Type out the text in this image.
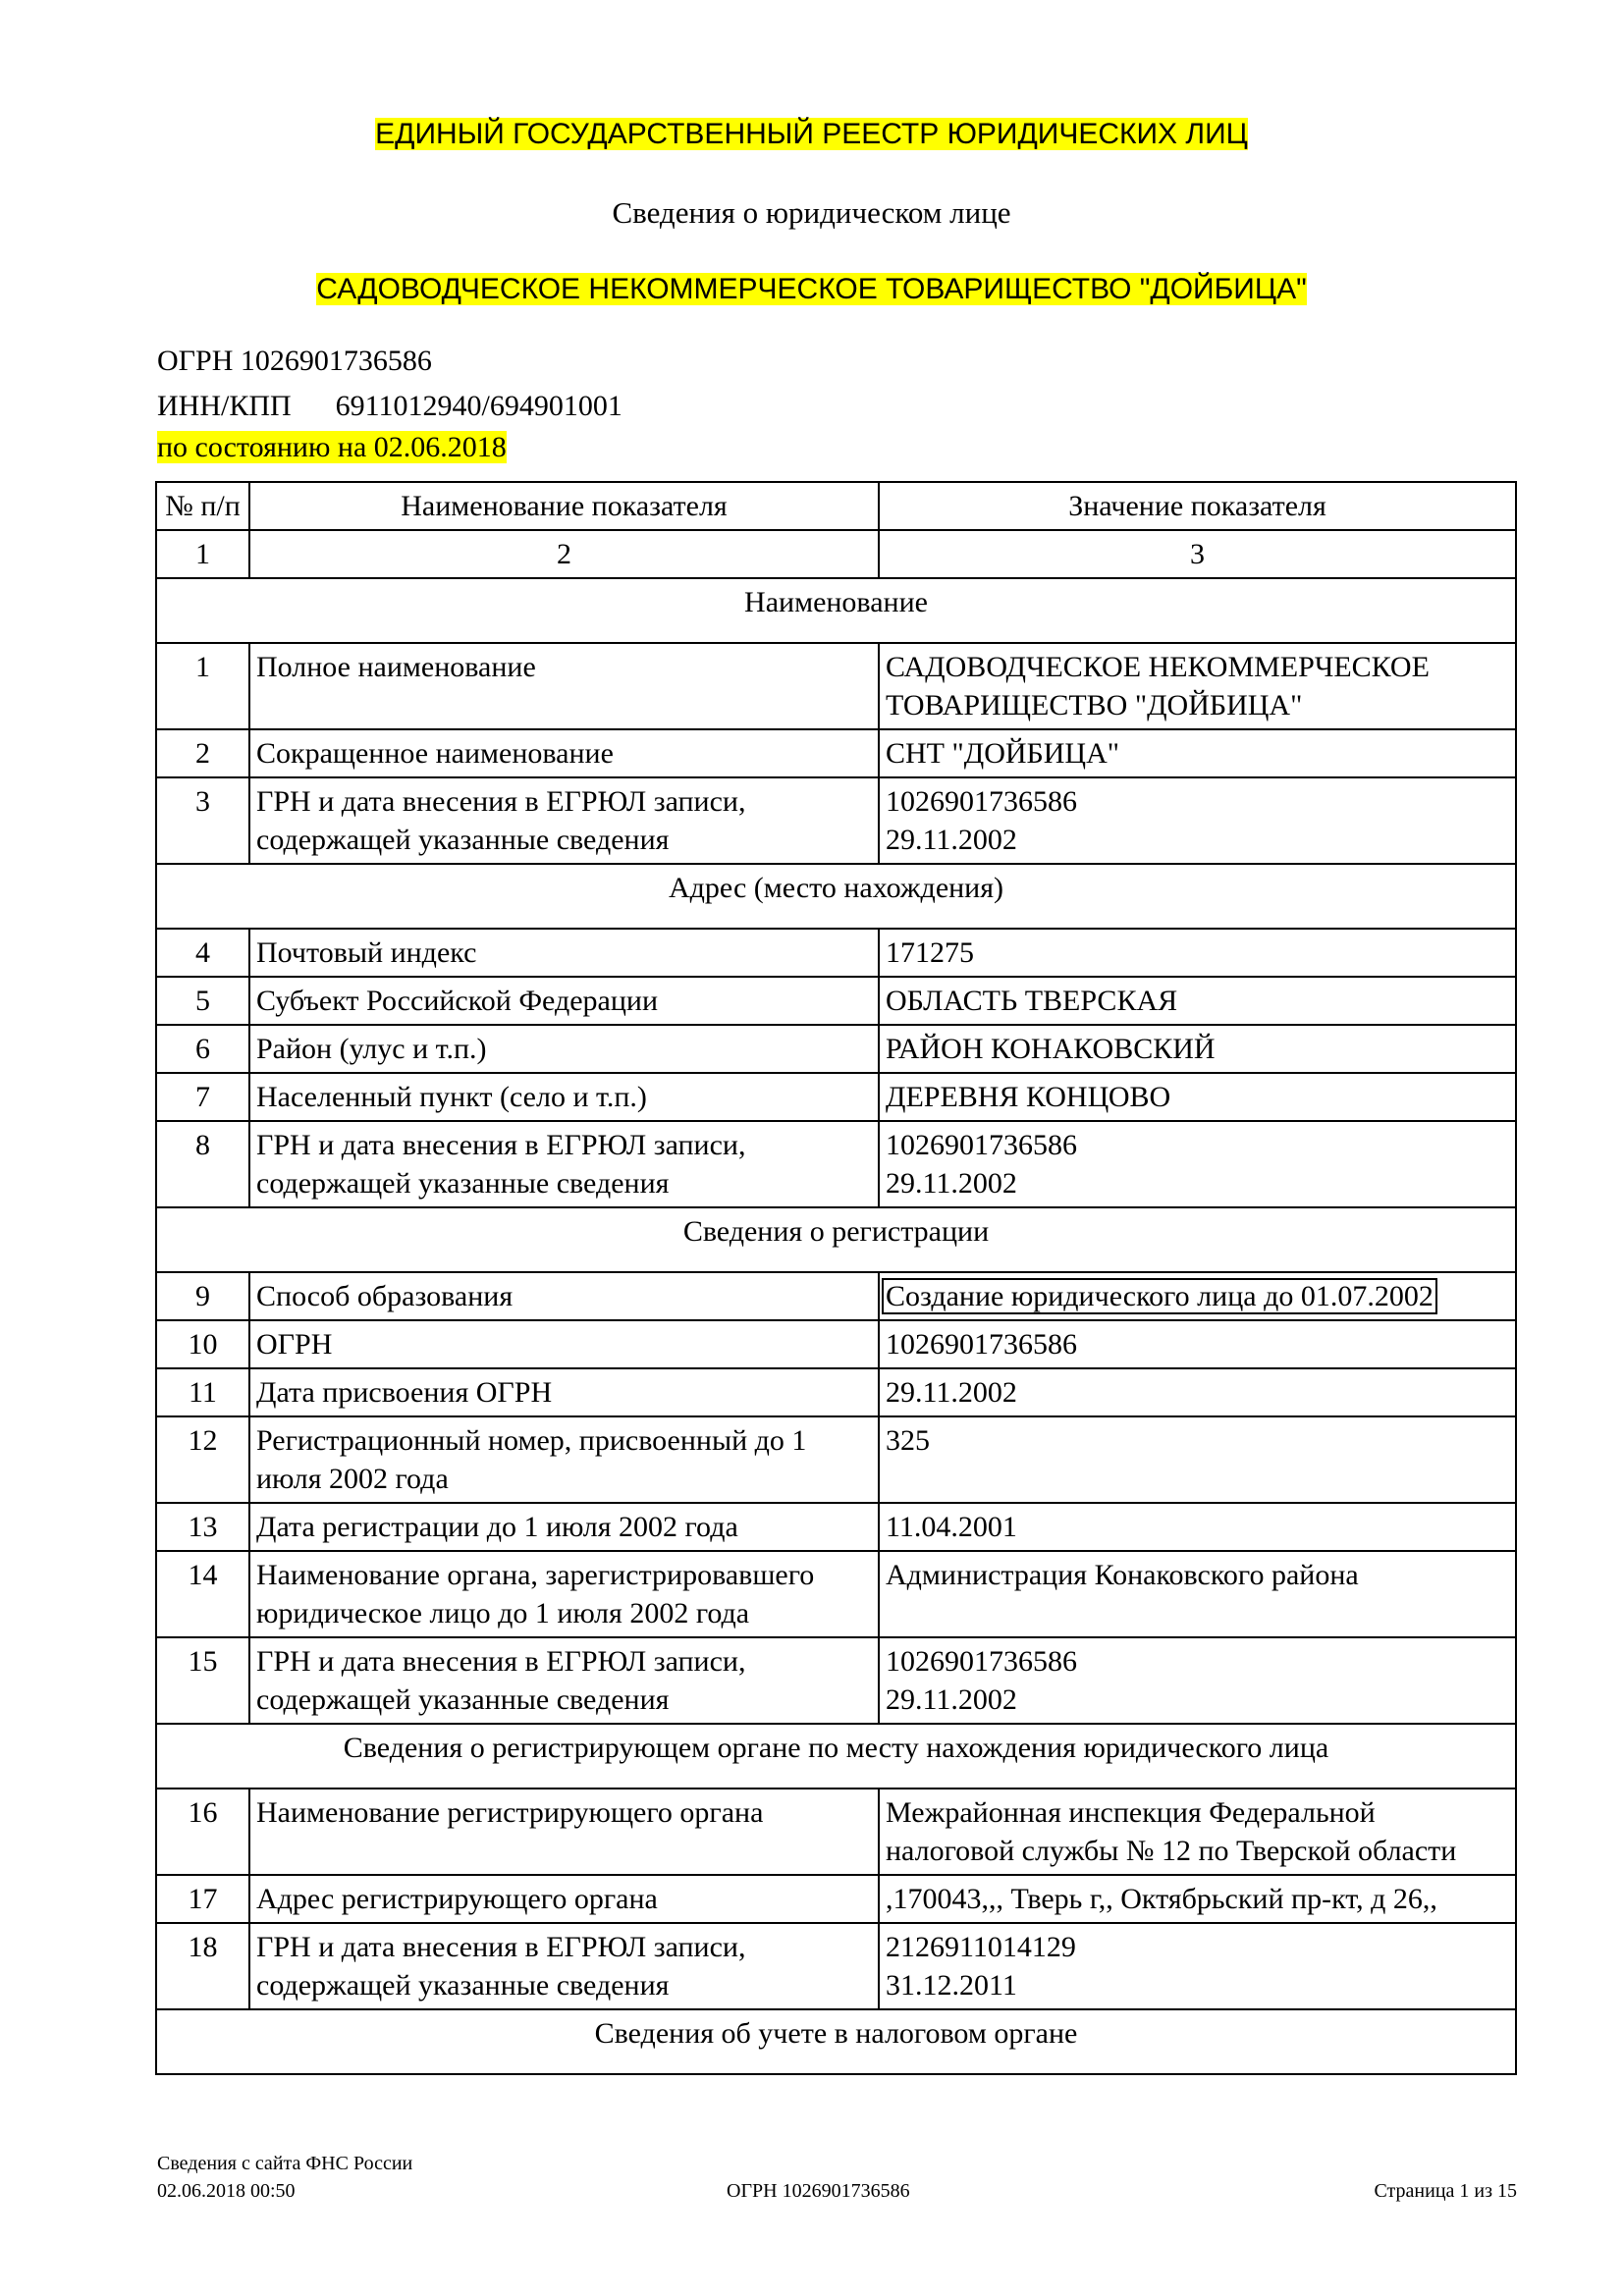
ЕДИНЫЙ ГОСУДАРСТВЕННЫЙ РЕЕСТР ЮРИДИЧЕСКИХ ЛИЦ
Сведения о юридическом лице
САДОВОДЧЕСКОЕ НЕКОММЕРЧЕСКОЕ ТОВАРИЩЕСТВО "ДОЙБИЦА"
ОГРН 1026901736586
ИНН/КПП      6911012940/694901001
по состоянию на 02.06.2018
№ п/п	Наименование показателя	Значение показателя
1	2	3
Наименование		
1	Полное наименование	САДОВОДЧЕСКОЕ НЕКОММЕРЧЕСКОЕ ТОВАРИЩЕСТВО "ДОЙБИЦА"
2	Сокращенное наименование	СНТ "ДОЙБИЦА"
3	ГРН и дата внесения в ЕГРЮЛ записи, содержащей указанные сведения	1026901736586
29.11.2002

Адрес (место нахождения)		
4	Почтовый индекс	171275
5	Субъект Российской Федерации	ОБЛАСТЬ ТВЕРСКАЯ
6	Район (улус и т.п.)	РАЙОН КОНАКОВСКИЙ
7	Населенный пункт (село и т.п.)	ДЕРЕВНЯ КОНЦОВО
8	ГРН и дата внесения в ЕГРЮЛ записи, содержащей указанные сведения	1026901736586
29.11.2002

Сведения о регистрации		
9	Способ образования	Создание юридического лица до 01.07.2002
10	ОГРН	1026901736586
11	Дата присвоения ОГРН	29.11.2002
12	Регистрационный номер, присвоенный до 1 июля 2002 года	325
13	Дата регистрации до 1 июля 2002 года	11.04.2001
14	Наименование органа, зарегистрировавшего юридическое лицо до 1 июля 2002 года	Администрация Конаковского района
15	ГРН и дата внесения в ЕГРЮЛ записи, содержащей указанные сведения	1026901736586
29.11.2002

Сведения о регистрирующем органе по месту нахождения юридического лица		
16	Наименование регистрирующего органа	Межрайонная инспекция Федеральной налоговой службы № 12 по Тверской области
17	Адрес регистрирующего органа	,170043,,, Тверь г,, Октябрьский пр-кт, д 26,,
18	ГРН и дата внесения в ЕГРЮЛ записи, содержащей указанные сведения	2126911014129
31.12.2011

Сведения об учете в налоговом органе		
Сведения с сайта ФНС России
02.06.2018 00:50	ОГРН 1026901736586	Страница 1 из 15
